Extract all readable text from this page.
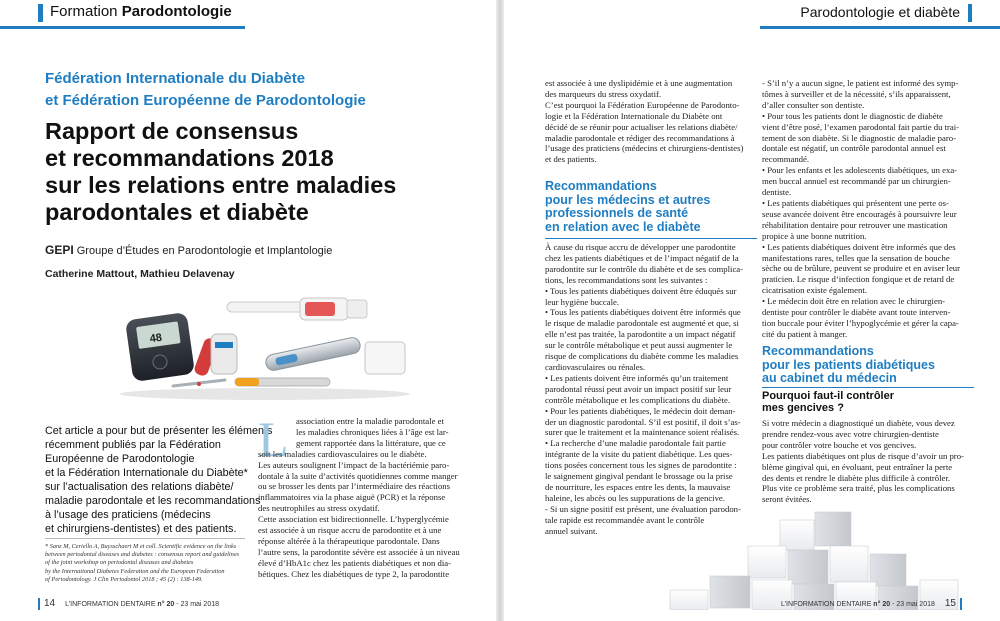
Formation Parodontologie
Fédération Internationale du Diabète
et Fédération Européenne de Parodontologie
Rapport de consensus
et recommandations 2018
sur les relations entre maladies
parodontales et diabète
GEPI Groupe d’Études en Parodontologie et Implantologie
Catherine Mattout, Mathieu Delavenay
48
Cet article a pour but de présenter les éléments
récemment publiés par la Fédération
Européenne de Parodontologie
et la Fédération Internationale du Diabète*
sur l’actualisation des relations diabète/
maladie parodontale et les recommandations
à l’usage des praticiens (médecins
et chirurgiens-dentistes) et des patients.
* Sanz M, Ceriello A, Buysschaert M et coll. Scientific evidence on the links
between periodontal diseases and diabetes : consensus report and guidelines
of the joint workshop on periodontal diseases and diabetes
by the International Diabetes Federation and the European Federation
of Periodontology. J Clin Periodontol 2018 ; 45 (2) : 138-149.
L association entre la maladie parodontale et
les maladies chroniques liées à l’âge est lar-
gement rapportée dans la littérature, que ce
soit les maladies cardiovasculaires ou le diabète.
Les auteurs soulignent l’impact de la bactériémie paro-
dontale à la suite d’activités quotidiennes comme manger
ou se brosser les dents par l’intermédiaire des réactions
inflammatoires via la phase aiguë (PCR) et la réponse
des neutrophiles au stress oxydatif.
Cette association est bidirectionnelle. L’hyperglycémie
est associée à un risque accru de parodontite et à une
réponse altérée à la thérapeutique parodontale. Dans
l’autre sens, la parodontite sévère est associée à un niveau
élevé d’HbA1c chez les patients diabétiques et non dia-
bétiques. Chez les diabétiques de type 2, la parodontite
14 L’INFORMATION DENTAIRE n° 20 - 23 mai 2018
Parodontologie et diabète
est associée à une dyslipidémie et à une augmentation
des marqueurs du stress oxydatif.
C’est pourquoi la Fédération Européenne de Parodonto-
logie et la Fédération Internationale du Diabète ont
décidé de se réunir pour actualiser les relations diabète/
maladie parodontale et rédiger des recommandations à
l’usage des praticiens (médecins et chirurgiens-dentistes)
et des patients.
Recommandations
pour les médecins et autres
professionnels de santé
en relation avec le diabète
À cause du risque accru de développer une parodontite
chez les patients diabétiques et de l’impact négatif de la
parodontite sur le contrôle du diabète et de ses complica-
tions, les recommandations sont les suivantes :
• Tous les patients diabétiques doivent être éduqués sur
leur hygiène buccale.
• Tous les patients diabétiques doivent être informés que
le risque de maladie parodontale est augmenté et que, si
elle n’est pas traitée, la parodontite a un impact négatif
sur le contrôle métabolique et peut aussi augmenter le
risque de complications du diabète comme les maladies
cardiovasculaires ou rénales.
• Les patients doivent être informés qu’un traitement
parodontal réussi peut avoir un impact positif sur leur
contrôle métabolique et les complications du diabète.
• Pour les patients diabétiques, le médecin doit deman-
der un diagnostic parodontal. S’il est positif, il doit s’as-
surer que le traitement et la maintenance soient réalisés.
• La recherche d’une maladie parodontale fait partie
intégrante de la visite du patient diabétique. Les ques-
tions posées concernent tous les signes de parodontite :
le saignement gingival pendant le brossage ou la prise
de nourriture, les espaces entre les dents, la mauvaise
haleine, les abcès ou les suppurations de la gencive.
- Si un signe positif est présent, une évaluation parodon-
tale rapide est recommandée avant le contrôle
annuel suivant.
- S’il n’y a aucun signe, le patient est informé des symp-
tômes à surveiller et de la nécessité, s’ils apparaissent,
d’aller consulter son dentiste.
• Pour tous les patients dont le diagnostic de diabète
vient d’être posé, l’examen parodontal fait partie du trai-
tement de son diabète. Si le diagnostic de maladie paro-
dontale est négatif, un contrôle parodontal annuel est
recommandé.
• Pour les enfants et les adolescents diabétiques, un exa-
men buccal annuel est recommandé par un chirurgien-
dentiste.
• Les patients diabétiques qui présentent une perte os-
seuse avancée doivent être encouragés à poursuivre leur
réhabilitation dentaire pour retrouver une mastication
propice à une bonne nutrition.
• Les patients diabétiques doivent être informés que des
manifestations rares, telles que la sensation de bouche
sèche ou de brûlure, peuvent se produire et en aviser leur
praticien. Le risque d’infection fongique et de retard de
cicatrisation existe également.
• Le médecin doit être en relation avec le chirurgien-
dentiste pour contrôler le diabète avant toute interven-
tion buccale pour éviter l’hypoglycémie et gérer la capa-
cité du patient à manger.
Recommandations
pour les patients diabétiques
au cabinet du médecin
Pourquoi faut-il contrôler
mes gencives ?
Si votre médecin a diagnostiqué un diabète, vous devez
prendre rendez-vous avec votre chirurgien-dentiste
pour contrôler votre bouche et vos gencives.
Les patients diabétiques ont plus de risque d’avoir un pro-
blème gingival qui, en évoluant, peut entraîner la perte
des dents et rendre le diabète plus difficile à contrôler.
Plus vite ce problème sera traité, plus les complications
seront évitées.
L’INFORMATION DENTAIRE n° 20 - 23 mai 2018 15
